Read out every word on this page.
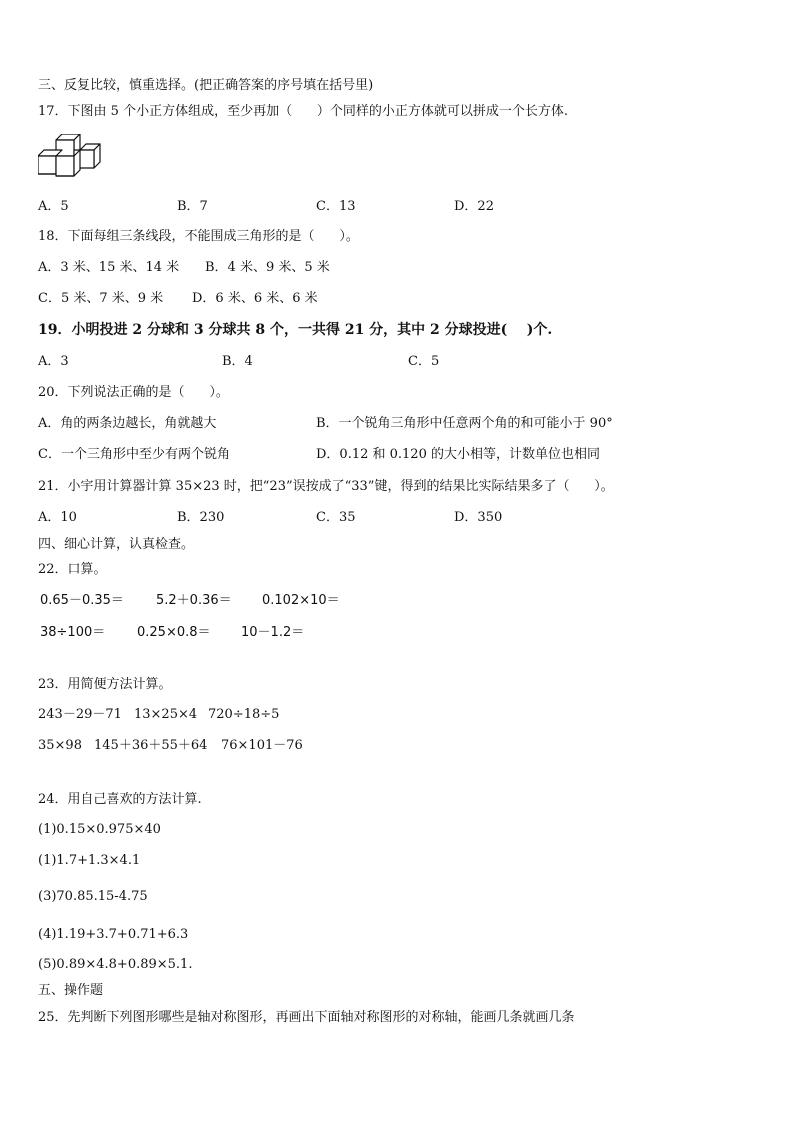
三、反复比较，慎重选择。(把正确答案的序号填在括号里)
17．下图由 5 个小正方体组成，至少再加（      ）个同样的小正方体就可以拼成一个长方体.
A．5	B．7	C．13	D．22
18．下面每组三条线段，不能围成三角形的是（      ）。
A．3 米、15 米、14 米 B．4 米、9 米、5 米
C．5 米、7 米、9 米 D．6 米、6 米、6 米
19．小明投进 2 分球和 3 分球共 8 个，一共得 21 分，其中 2 分球投进(    )个.
A．3	B．4	C．5
20．下列说法正确的是（      ）。
A．角的两条边越长，角就越大	B．一个锐角三角形中任意两个角的和可能小于 90°
C．一个三角形中至少有两个锐角	D．0.12 和 0.120 的大小相等，计数单位也相同
21．小宇用计算器计算 35×23 时，把“23”误按成了“33”键，得到的结果比实际结果多了（      ）。
A．10	B．230	C．35	D．350
四、细心计算，认真检查。
22．口算。
0.65－0.35＝ 5.2＋0.36＝ 0.102×10＝
38÷100＝ 0.25×0.8＝ 10－1.2＝
23．用简便方法计算。
243－29－71 13×25×4 720÷18÷5
35×98 145＋36＋55＋64 76×101－76
24．用自己喜欢的方法计算.
(1)0.15×0.975×40
(1)1.7+1.3×4.1
(3)70.85.15-4.75
(4)1.19+3.7+0.71+6.3
(5)0.89×4.8+0.89×5.1.
五、操作题
25．先判断下列图形哪些是轴对称图形，再画出下面轴对称图形的对称轴，能画几条就画几条
